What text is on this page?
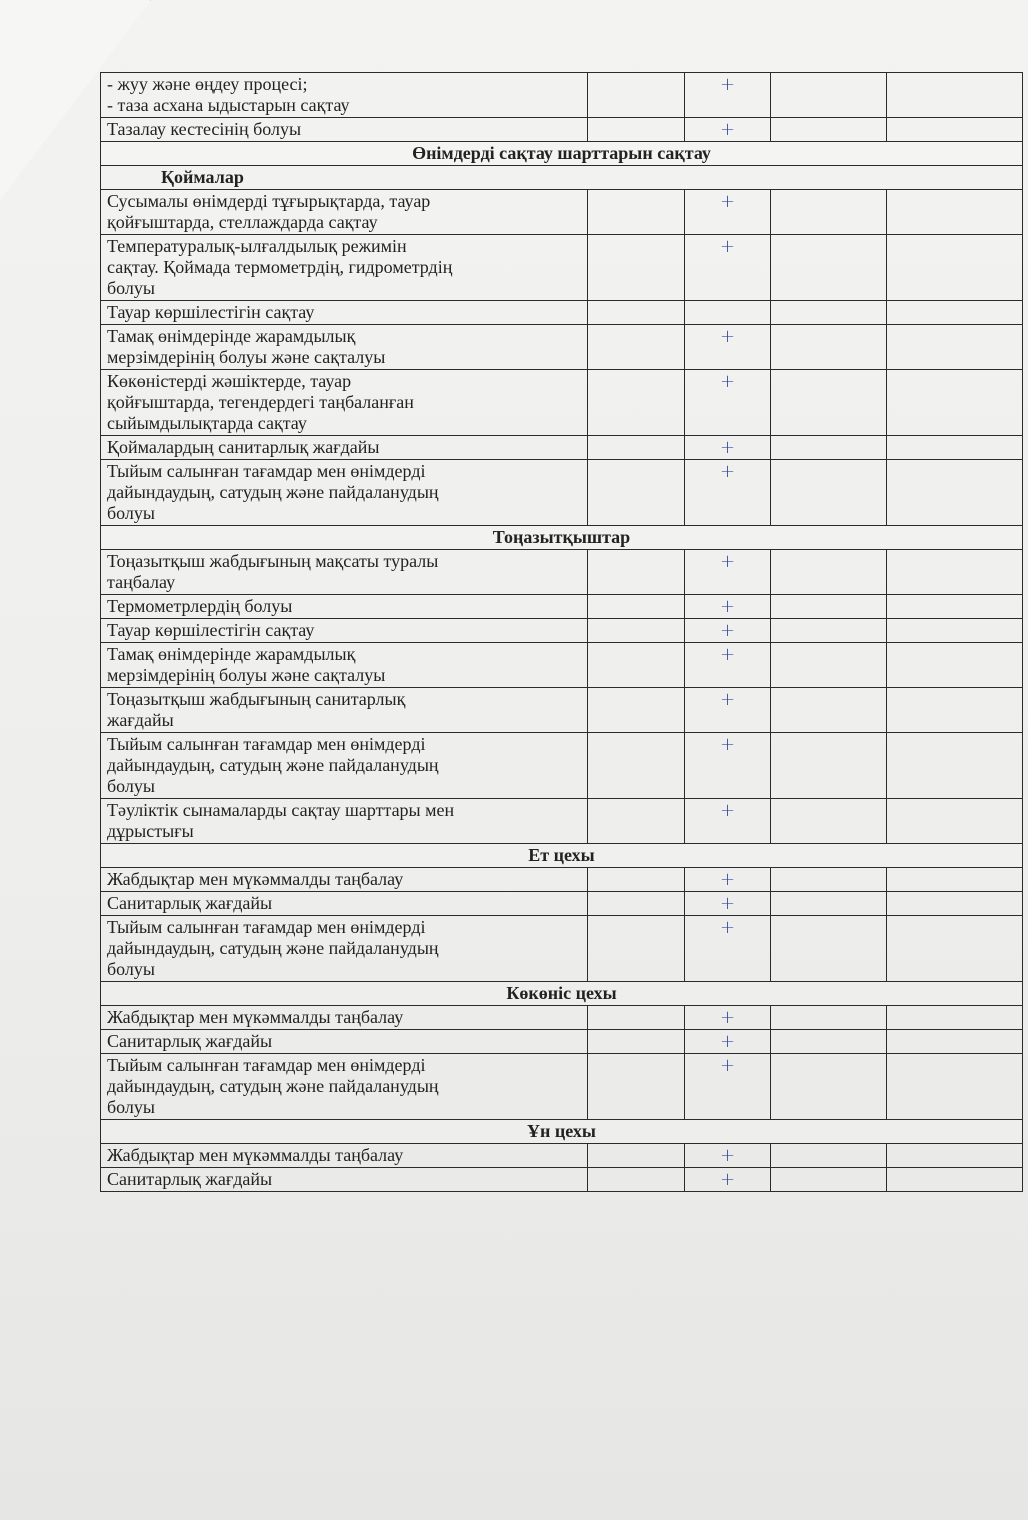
- жуу және өңдеу процесі;
- таза асхана ыдыстарын сақтау		+		

Тазалау кестесінің болуы		+		
Өнімдерді сақтау шарттарын сақтау				
Қоймалар				

Сусымалы өнімдерді тұғырықтарда, тауар
қойғыштарда, стеллаждарда сақтау		+		

Температуралық-ылғалдылық режимін
сақтау. Қоймада термометрдің, гидрометрдің
болуы		+		

Тауар көршілестігін сақтау				

Тамақ өнімдерінде жарамдылық
мерзімдерінің болуы және сақталуы		+		

Көкөністерді жәшіктерде, тауар
қойғыштарда, тегендердегі таңбаланған
сыйымдылықтарда сақтау		+		

Қоймалардың санитарлық жағдайы		+		

Тыйым салынған тағамдар мен өнімдерді
дайындаудың, сатудың және пайдаланудың
болуы		+		
Тоңазытқыштар				

Тоңазытқыш жабдығының мақсаты туралы
таңбалау		+		

Термометрлердің болуы		+		

Тауар көршілестігін сақтау		+		

Тамақ өнімдерінде жарамдылық
мерзімдерінің болуы және сақталуы		+		

Тоңазытқыш жабдығының санитарлық
жағдайы		+		

Тыйым салынған тағамдар мен өнімдерді
дайындаудың, сатудың және пайдаланудың
болуы		+		

Тәуліктік сынамаларды сақтау шарттары мен
дұрыстығы		+		
Ет цехы				

Жабдықтар мен мүкәммалды таңбалау		+		

Санитарлық жағдайы		+		

Тыйым салынған тағамдар мен өнімдерді
дайындаудың, сатудың және пайдаланудың
болуы		+		
Көкөніс цехы				

Жабдықтар мен мүкәммалды таңбалау		+		

Санитарлық жағдайы		+		

Тыйым салынған тағамдар мен өнімдерді
дайындаудың, сатудың және пайдаланудың
болуы		+		
Ұн цехы				

Жабдықтар мен мүкәммалды таңбалау		+		

Санитарлық жағдайы		+		
